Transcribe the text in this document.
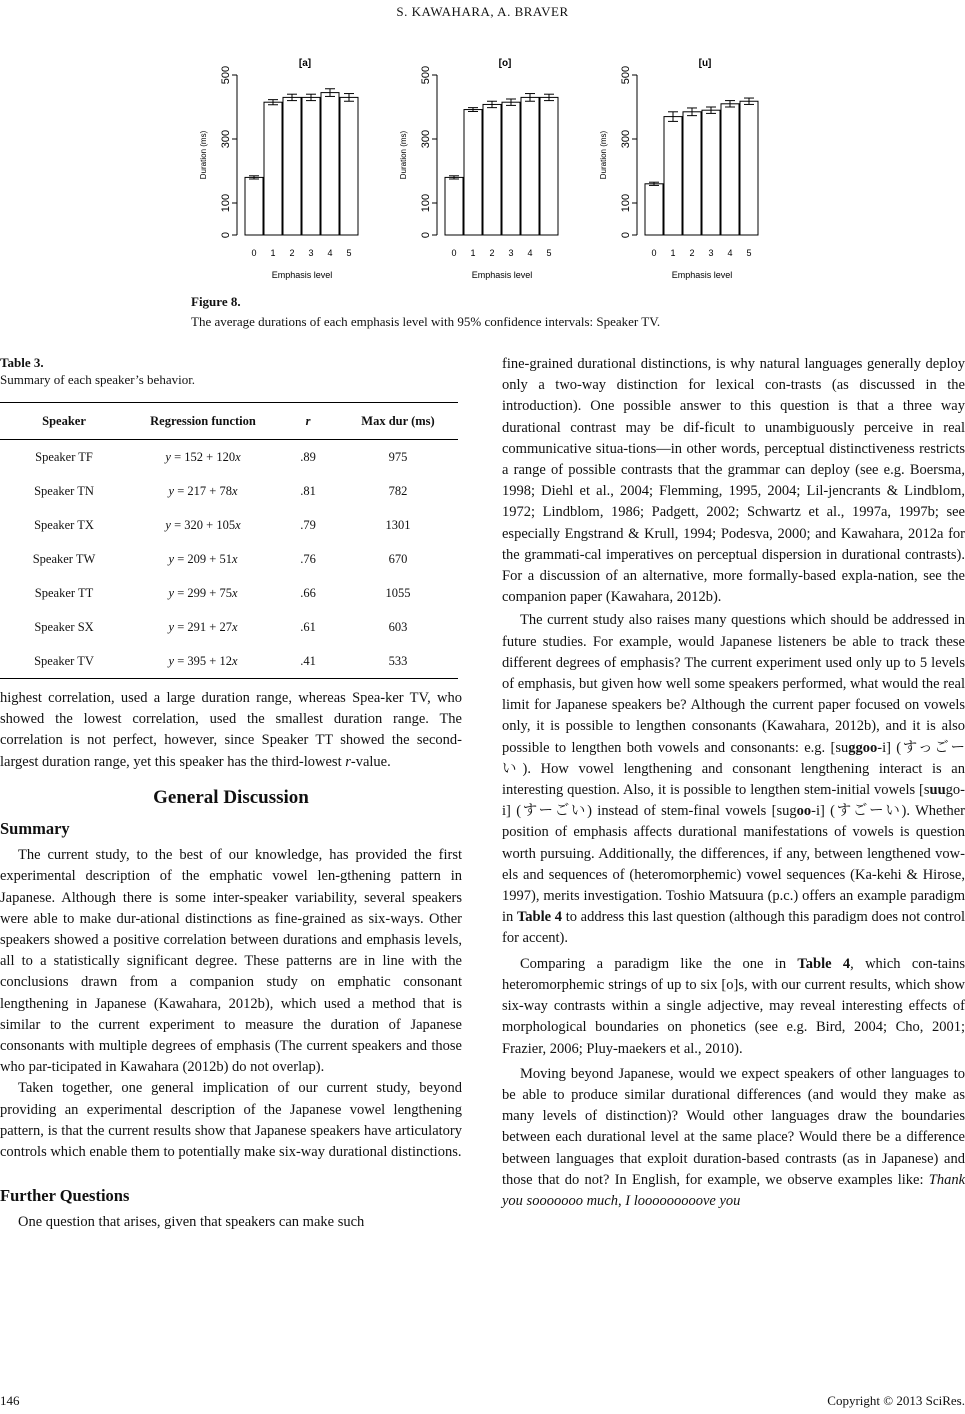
S. KAWAHARA, A. BRAVER
[a]
0
100
300
500
Duration (ms)
0 1 2 3 4 5
Emphasis level
[o]
0
100
300
500
Duration (ms)
0 1 2 3 4 5
Emphasis level
[u]
0
100
300
500
Duration (ms)
0 1 2 3 4 5
Emphasis level
Figure 8.
The average durations of each emphasis level with 95% confidence intervals: Speaker TV.
Table 3.
Summary of each speaker’s behavior.
Speaker	Regression function	r	Max dur (ms)
Speaker TF	y = 152 + 120x	.89	975
Speaker TN	y = 217 + 78x	.81	782
Speaker TX	y = 320 + 105x	.79	1301
Speaker TW	y = 209 + 51x	.76	670
Speaker TT	y = 299 + 75x	.66	1055
Speaker SX	y = 291 + 27x	.61	603
Speaker TV	y = 395 + 12x	.41	533

highest correlation, used a large duration range, whereas Spea-ker TV, who showed the lowest correlation, used the smallest duration range. The correlation is not perfect, however, since Speaker TT showed the second-largest duration range, yet this speaker has the third-lowest r-value.

General Discussion
Summary

The current study, to the best of our knowledge, has provided the first experimental description of the emphatic vowel len-gthening pattern in Japanese. Although there is some inter-speaker variability, several speakers were able to make dur-ational distinctions as fine-grained as six-ways. Other speakers showed a positive correlation between durations and emphasis levels, all to a statistically significant degree. These patterns are in line with the conclusions drawn from a companion study on emphatic consonant lengthening in Japanese (Kawahara, 2012b), which used a method that is similar to the current experiment to measure the duration of Japanese consonants with multiple degrees of emphasis (The current speakers and those who par-ticipated in Kawahara (2012b) do not overlap).

Taken together, one general implication of our current study, beyond providing an experimental description of the Japanese vowel lengthening pattern, is that the current results show that Japanese speakers have articulatory controls which enable them to potentially make six-way durational distinctions.

Further Questions

One question that arises, given that speakers can make such

fine-grained durational distinctions, is why natural languages generally deploy only a two-way distinction for lexical con-trasts (as discussed in the introduction). One possible answer to this question is that a three way durational contrast may be dif-ficult to unambiguously perceive in real communicative situa-tions—in other words, perceptual distinctiveness restricts a range of possible contrasts that the grammar can deploy (see e.g. Boersma, 1998; Diehl et al., 2004; Flemming, 1995, 2004; Lil-jencrants & Lindblom, 1972; Lindblom, 1986; Padgett, 2002; Schwartz et al., 1997a, 1997b; see especially Engstrand & Krull, 1994; Podesva, 2000; and Kawahara, 2012a for the grammati-cal imperatives on perceptual dispersion in durational contrasts). For a discussion of an alternative, more formally-based expla-nation, see the companion paper (Kawahara, 2012b).

The current study also raises many questions which should be addressed in future studies. For example, would Japanese listeners be able to track these different degrees of emphasis? The current experiment used only up to 5 levels of emphasis, but given how well some speakers performed, what would the real limit for Japanese speakers be? Although the current paper focused on vowels only, it is possible to lengthen consonants (Kawahara, 2012b), and it is also possible to lengthen both vowels and consonants: e.g. [suggoo-i] (すっごーい). How vowel lengthening and consonant lengthening interact is an interesting question. Also, it is possible to lengthen stem-initial vowels [suugo-i] (すーごい) instead of stem-final vowels [sugoo-i] (すごーい). Whether position of emphasis affects durational manifestations of vowels is question worth pursuing. Additionally, the differences, if any, between lengthened vow-els and sequences of (heteromorphemic) vowel sequences (Ka-kehi & Hirose, 1997), merits investigation. Toshio Matsuura (p.c.) offers an example paradigm in Table 4 to address this last question (although this paradigm does not control for accent).

Comparing a paradigm like the one in Table 4, which con-tains heteromorphemic strings of up to six [o]s, with our current results, which show six-way contrasts within a single adjective, may reveal interesting effects of morphological boundaries on phonetics (see e.g. Bird, 2004; Cho, 2001; Frazier, 2006; Pluy-maekers et al., 2010).

Moving beyond Japanese, would we expect speakers of other languages to be able to produce similar durational differences (and would they make as many levels of distinction)? Would other languages draw the boundaries between each durational level at the same place? Would there be a difference between languages that exploit duration-based contrasts (as in Japanese) and those that do not? In English, for example, we observe examples like: Thank you sooooooo much, I looooooooove you

146	Copyright © 2013 SciRes.
